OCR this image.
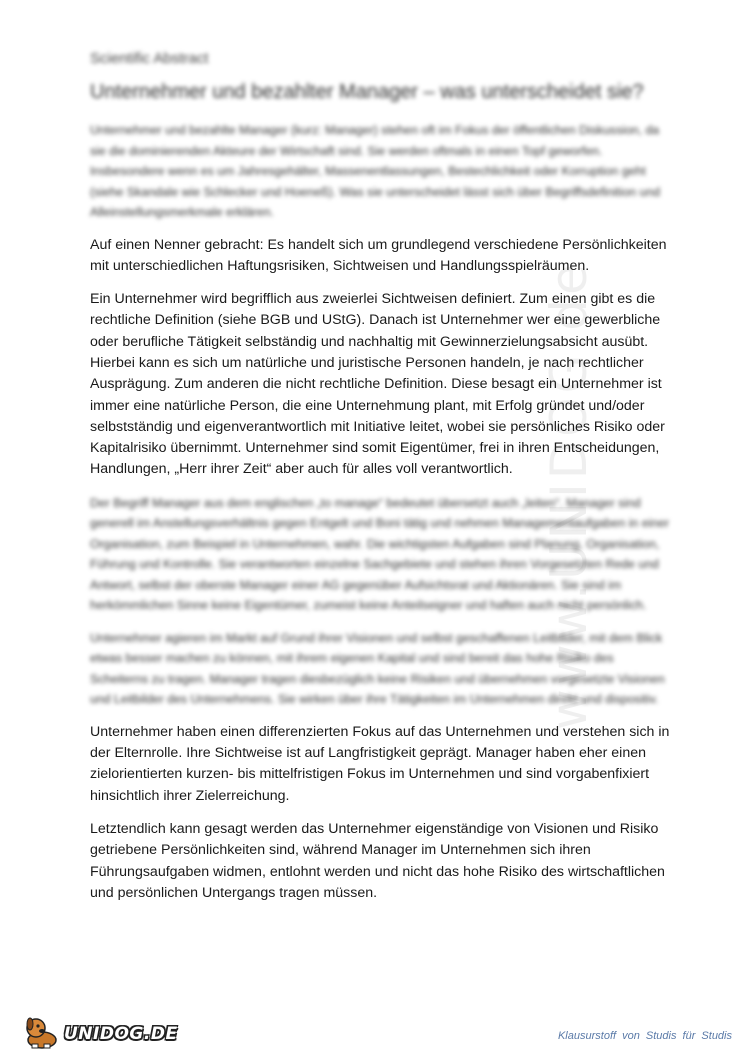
www.UNIDOG.de
Scientific Abstract
Unternehmer und bezahlter Manager – was unterscheidet sie?

Unternehmer und bezahlte Manager (kurz: Manager) stehen oft im Fokus der öffentlichen Diskussion, da sie die dominierenden Akteure der Wirtschaft sind. Sie werden oftmals in einen Topf geworfen. Insbesondere wenn es um Jahresgehälter, Massenentlassungen, Bestechlichkeit oder Korruption geht (siehe Skandale wie Schlecker und Hoeneß). Was sie unterscheidet lässt sich über Begriffsdefinition und Alleinstellungsmerkmale erklären.

Auf einen Nenner gebracht: Es handelt sich um grundlegend verschiedene Persönlichkeiten mit unterschiedlichen Haftungsrisiken, Sichtweisen und Handlungsspielräumen.

Ein Unternehmer wird begrifflich aus zweierlei Sichtweisen definiert. Zum einen gibt es die rechtliche Definition (siehe BGB und UStG). Danach ist Unternehmer wer eine gewerbliche oder berufliche Tätigkeit selbständig und nachhaltig mit Gewinnerzielungsabsicht ausübt. Hierbei kann es sich um natürliche und juristische Personen handeln, je nach rechtlicher Ausprägung. Zum anderen die nicht rechtliche Definition. Diese besagt ein Unternehmer ist immer eine natürliche Person, die eine Unternehmung plant, mit Erfolg gründet und/oder selbstständig und eigenverantwortlich mit Initiative leitet, wobei sie persönliches Risiko oder Kapitalrisiko übernimmt. Unternehmer sind somit Eigentümer, frei in ihren Entscheidungen, Handlungen, „Herr ihrer Zeit“ aber auch für alles voll verantwortlich.

Der Begriff Manager aus dem englischen „to manage“ bedeutet übersetzt auch „leiten“. Manager sind generell im Anstellungsverhältnis gegen Entgelt und Boni tätig und nehmen Managementaufgaben in einer Organisation, zum Beispiel in Unternehmen, wahr. Die wichtigsten Aufgaben sind Planung, Organisation, Führung und Kontrolle. Sie verantworten einzelne Sachgebiete und stehen ihren Vorgesetzten Rede und Antwort, selbst der oberste Manager einer AG gegenüber Aufsichtsrat und Aktionären. Sie sind im herkömmlichen Sinne keine Eigentümer, zumeist keine Anteilseigner und haften auch nicht persönlich.

Unternehmer agieren im Markt auf Grund ihrer Visionen und selbst geschaffenen Leitbilder, mit dem Blick etwas besser machen zu können, mit ihrem eigenen Kapital und sind bereit das hohe Risiko des Scheiterns zu tragen. Manager tragen diesbezüglich keine Risiken und übernehmen vorgesetzte Visionen und Leitbilder des Unternehmens. Sie wirken über ihre Tätigkeiten im Unternehmen direkt und dispositiv.

Unternehmer haben einen differenzierten Fokus auf das Unternehmen und verstehen sich in der Elternrolle. Ihre Sichtweise ist auf Langfristigkeit geprägt. Manager haben eher einen zielorientierten kurzen- bis mittelfristigen Fokus im Unternehmen und sind vorgabenfixiert hinsichtlich ihrer Zielerreichung.

Letztendlich kann gesagt werden das Unternehmer eigenständige von Visionen und Risiko getriebene Persönlichkeiten sind, während Manager im Unternehmen sich ihren Führungsaufgaben widmen, entlohnt werden und nicht das hohe Risiko des wirtschaftlichen und persönlichen Untergangs tragen müssen.

UNIDOG.DE	Klausurstoff von Studis für Studis
